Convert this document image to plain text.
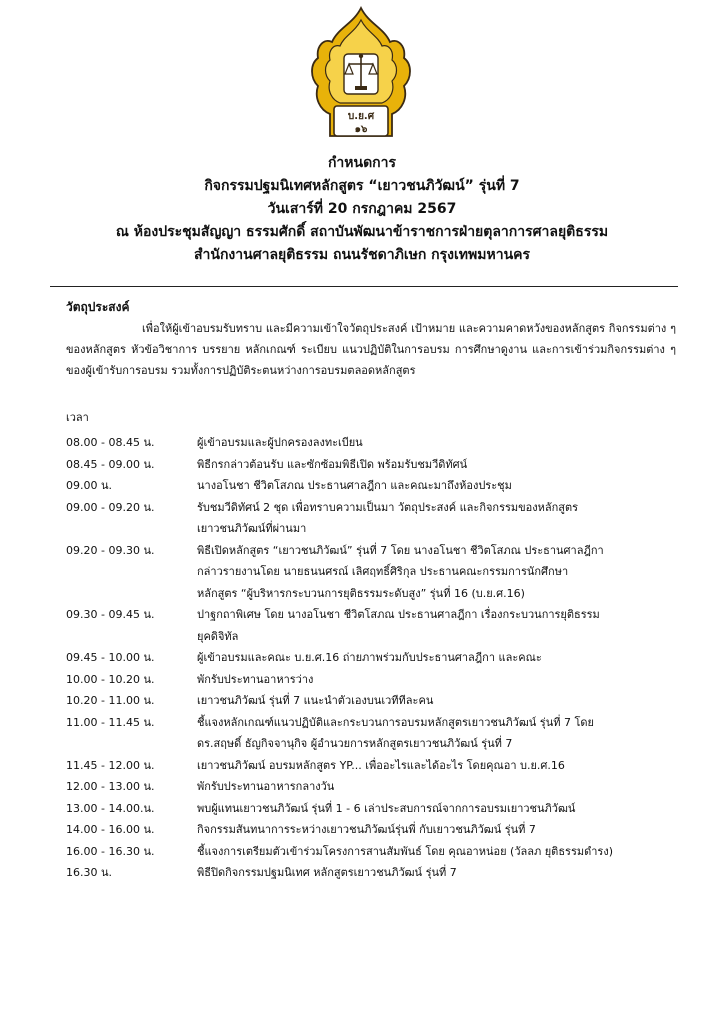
บ.ย.ศ
๑๖
กำหนดการ
กิจกรรมปฐมนิเทศหลักสูตร “เยาวชนภิวัฒน์” รุ่นที่ 7
วันเสาร์ที่ 20 กรกฎาคม 2567
ณ ห้องประชุมสัญญา ธรรมศักดิ์ สถาบันพัฒนาข้าราชการฝ่ายตุลาการศาลยุติธรรม
สำนักงานศาลยุติธรรม ถนนรัชดาภิเษก กรุงเทพมหานคร
วัตถุประสงค์
เพื่อให้ผู้เข้าอบรมรับทราบ และมีความเข้าใจวัตถุประสงค์ เป้าหมาย และความคาดหวังของหลักสูตร กิจกรรมต่าง ๆ ของหลักสูตร หัวข้อวิชาการ บรรยาย หลักเกณฑ์ ระเบียบ แนวปฏิบัติในการอบรม การศึกษาดูงาน และการเข้าร่วมกิจกรรมต่าง ๆ ของผู้เข้ารับการอบรม รวมทั้งการปฏิบัติระตนหว่างการอบรมตลอดหลักสูตร
เวลา
08.00 - 08.45 น.	ผู้เข้าอบรมและผู้ปกครองลงทะเบียน
08.45 - 09.00 น.	พิธีกรกล่าวต้อนรับ และซักซ้อมพิธีเปิด พร้อมรับชมวีดิทัศน์
09.00 น.	นางอโนชา ชีวิตโสภณ ประธานศาลฎีกา และคณะมาถึงห้องประชุม
09.00 - 09.20 น.	รับชมวีดิทัศน์ 2 ชุด เพื่อทราบความเป็นมา วัตถุประสงค์ และกิจกรรมของหลักสูตร
เยาวชนภิวัฒน์ที่ผ่านมา
09.20 - 09.30 น.	พิธีเปิดหลักสูตร “เยาวชนภิวัฒน์” รุ่นที่ 7 โดย นางอโนชา ชีวิตโสภณ ประธานศาลฎีกา
กล่าวรายงานโดย นายธนนศรณ์ เลิศฤทธิ์ศิริกุล ประธานคณะกรรมการนักศึกษา
หลักสูตร “ผู้บริหารกระบวนการยุติธรรมระดับสูง” รุ่นที่ 16 (บ.ย.ศ.16)
09.30 - 09.45 น.	ปาฐกถาพิเศษ โดย นางอโนชา ชีวิตโสภณ ประธานศาลฎีกา เรื่องกระบวนการยุติธรรม
ยุคดิจิทัล
09.45 - 10.00 น.	ผู้เข้าอบรมและคณะ บ.ย.ศ.16 ถ่ายภาพร่วมกับประธานศาลฎีกา และคณะ
10.00 - 10.20 น.	พักรับประทานอาหารว่าง
10.20 - 11.00 น.	เยาวชนภิวัฒน์ รุ่นที่ 7 แนะนำตัวเองบนเวทีทีละคน
11.00 - 11.45 น.	ชี้แจงหลักเกณฑ์แนวปฏิบัติและกระบวนการอบรมหลักสูตรเยาวชนภิวัฒน์ รุ่นที่ 7 โดย
ดร.สฤษดิ์ ธัญกิจจานุกิจ ผู้อำนวยการหลักสูตรเยาวชนภิวัฒน์ รุ่นที่ 7
11.45 - 12.00 น.	เยาวชนภิวัฒน์ อบรมหลักสูตร YP... เพื่ออะไรและได้อะไร โดยคุณอา บ.ย.ศ.16
12.00 - 13.00 น.	พักรับประทานอาหารกลางวัน
13.00 - 14.00.น.	พบผู้แทนเยาวชนภิวัฒน์ รุ่นที่ 1 - 6 เล่าประสบการณ์จากการอบรมเยาวชนภิวัฒน์
14.00 - 16.00 น.	กิจกรรมสันทนาการระหว่างเยาวชนภิวัฒน์รุ่นพี่ กับเยาวชนภิวัฒน์ รุ่นที่ 7
16.00 - 16.30 น.	ชี้แจงการเตรียมตัวเข้าร่วมโครงการสานสัมพันธ์ โดย คุณอาหน่อย (วัลลภ ยุติธรรมดำรง)
16.30 น.	พิธีปิดกิจกรรมปฐมนิเทศ หลักสูตรเยาวชนภิวัฒน์ รุ่นที่ 7
